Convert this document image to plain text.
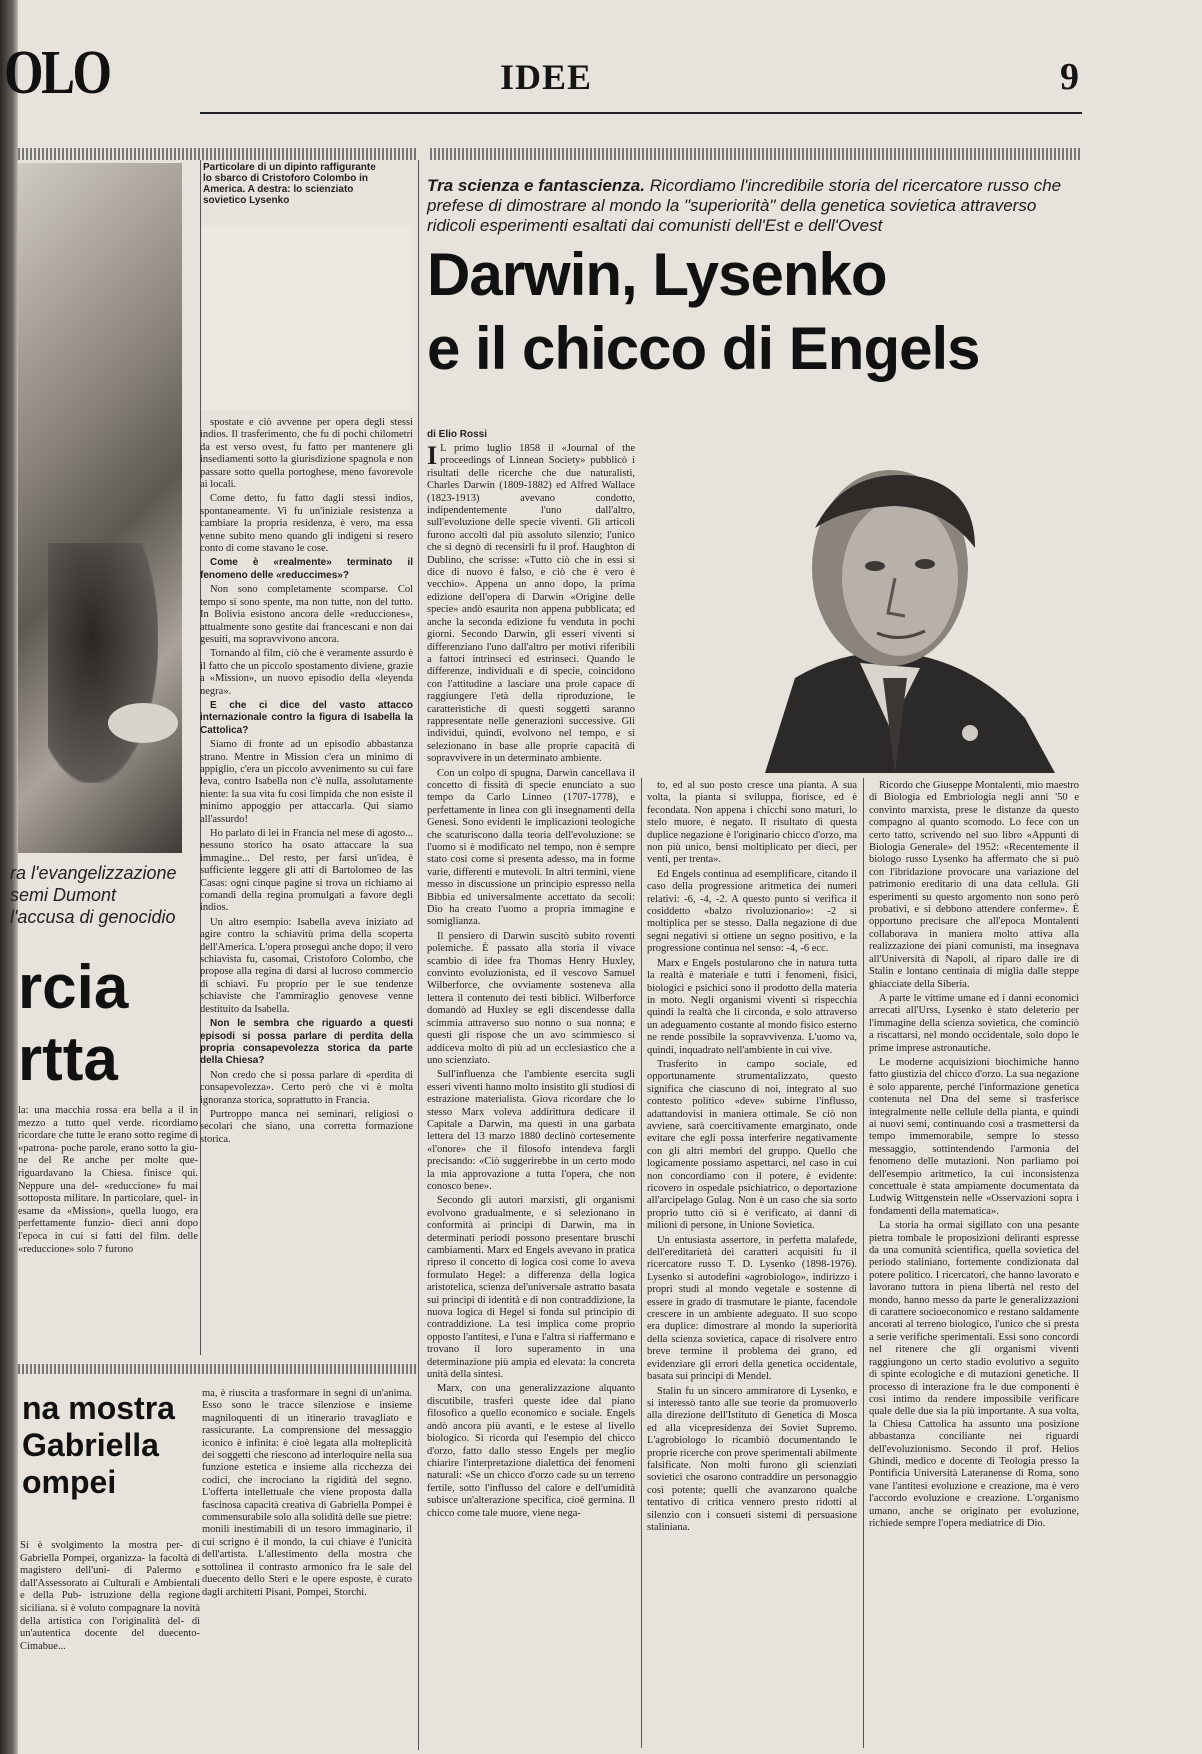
OLO	IDEE	9
Particolare di un dipinto raffigurante lo sbarco di Cristoforo Colombo in America. A destra: lo scienziato sovietico Lysenko
ra l'evangelizzazione
semi Dumont
l'accusa di genocidio
rcia
rtta
la: una macchia rossa era bella a il in mezzo a tutto quel verde. ricordiamo ricordare che tutte le erano sotto regime di «patrona- poche parole, erano sotto la giu- ne del Re anche per molte que- riguardavano la Chiesa. finisce qui. Neppure una del- «reduccione» fu mai sottoposta militare. In particolare, quel- in esame da «Mission», quella luogo, era perfettamente funzio- dieci anni dopo l'epoca in cui si fatti del film. delle «reduccione» solo 7 furono

spostate e ciò avvenne per opera degli stessi indios. Il trasferimento, che fu di pochi chilometri da est verso ovest, fu fatto per mantenere gli insediamenti sotto la giurisdizione spagnola e non passare sotto quella portoghese, meno favorevole ai locali.

Come detto, fu fatto dagli stessi indios, spontaneamente. Vi fu un'iniziale resistenza a cambiare la propria residenza, è vero, ma essa venne subito meno quando gli indigeni si resero conto di come stavano le cose.

Come è «realmente» terminato il fenomeno delle «reduccimes»?

Non sono completamente scomparse. Col tempo si sono spente, ma non tutte, non del tutto. In Bolivia esistono ancora delle «reducciones», attualmente sono gestite dai francescani e non dai gesuiti, ma sopravvivono ancora.

Tornando al film, ciò che è veramente assurdo è il fatto che un piccolo spostamento diviene, grazie a «Mission», un nuovo episodio della «leyenda negra».

E che ci dice del vasto attacco internazionale contro la figura di Isabella la Cattolica?

Siamo di fronte ad un episodio abbastanza strano. Mentre in Mission c'era un minimo di appiglio, c'era un piccolo avvenimento su cui fare leva, contro Isabella non c'è nulla, assolutamente niente: la sua vita fu così limpida che non esiste il minimo appoggio per attaccarla. Qui siamo all'assurdo!

Ho parlato di lei in Francia nel mese di agosto... nessuno storico ha osato attaccare la sua immagine... Del resto, per farsi un'idea, è sufficiente leggere gli atti di Bartolomeo de las Casas: ogni cinque pagine si trova un richiamo ai comandi della regina promulgati a favore degli indios.

Un altro esempio: Isabella aveva iniziato ad agire contro la schiavitù prima della scoperta dell'America. L'opera proseguì anche dopo; il vero schiavista fu, casomai, Cristoforo Colombo, che propose alla regina di darsi al lucroso commercio di schiavi. Fu proprio per le sue tendenze schiaviste che l'ammiraglio genovese venne destituito da Isabella.

Non le sembra che riguardo a questi episodi si possa parlare di perdita della propria consapevolezza storica da parte della Chiesa?

Non credo che si possa parlare di «perdita di consapevolezza». Certo però che vi è molta ignoranza storica, soprattutto in Francia.

Purtroppo manca nei seminari, religiosi o secolari che siano, una corretta formazione storica.

na mostra
Gabriella
ompei
Si è svolgimento la mostra per- di Gabriella Pompei, organizza- la facoltà di magistero dell'uni- di Palermo e dall'Assessorato ai Culturali e Ambientali e della Pub- istruzione della regione siciliana. si è voluto compagnare la novità della artistica con l'originalità del- di un'autentica docente del duecento- Cimabue...

ma, è riuscita a trasformare in segni di un'anima. Esso sono le tracce silenziose e insieme magniloquenti di un itinerario travagliato e rassicurante. La comprensione del messaggio iconico è infinita: è cioè legata alla molteplicità dei soggetti che riescono ad interloquire nella sua funzione estetica e insieme alla ricchezza dei codici, che incrociano la rigidità del segno. L'offerta intellettuale che viene proposta dalla fascinosa capacità creativa di Gabriella Pompei è commensurabile solo alla solidità delle sue pietre: monili inestimabili di un tesoro immaginario, il cui scrigno è il mondo, la cui chiave è l'unicità dell'artista. L'allestimento della mostra che sottolinea il contrasto armonico fra le sale del duecento dello Steri e le opere esposte, è curato dagli architetti Pisani, Pompei, Storchi.

Tra scienza e fantascienza. Ricordiamo l'incredibile storia del ricercatore russo che prefese di dimostrare al mondo la "superiorità" della genetica sovietica attraverso ridicoli esperimenti esaltati dai comunisti dell'Est e dell'Ovest
Darwin, Lysenko
e il chicco di Engels
di Elio Rossi

I L primo luglio 1858 il «Journal of the proceedings of Linnean Society» pubblicò i risultati delle ricerche che due naturalisti, Charles Darwin (1809-1882) ed Alfred Wallace (1823-1913) avevano condotto, indipendentemente l'uno dall'altro, sull'evoluzione delle specie viventi. Gli articoli furono accolti dal più assoluto silenzio; l'unico che si degnò di recensirli fu il prof. Haughton di Dublino, che scrisse: «Tutto ciò che in essi si dice di nuovo è falso, e ciò che è vero è vecchio». Appena un anno dopo, la prima edizione dell'opera di Darwin «Origine delle specie» andò esaurita non appena pubblicata; ed anche la seconda edizione fu venduta in pochi giorni. Secondo Darwin, gli esseri viventi si differenziano l'uno dall'altro per motivi riferibili a fattori intrinseci ed estrinseci. Quando le differenze, individuali e di specie, coincidono con l'attitudine a lasciare una prole capace di raggiungere l'età della riproduzione, le caratteristiche di questi soggetti saranno rappresentate nelle generazioni successive. Gli individui, quindi, evolvono nel tempo, e si selezionano in base alle proprie capacità di sopravvivere in un determinato ambiente.

Con un colpo di spugna, Darwin cancellava il concetto di fissità di specie enunciato a suo tempo da Carlo Linneo (1707-1778), e perfettamente in linea con gli insegnamenti della Genesi. Sono evidenti le implicazioni teologiche che scaturiscono dalla teoria dell'evoluzione: se l'uomo si è modificato nel tempo, non è sempre stato così come si presenta adesso, ma in forme varie, differenti e mutevoli. In altri termini, viene messo in discussione un principio espresso nella Bibbia ed universalmente accettato da secoli: Dio ha creato l'uomo a propria immagine e somiglianza.

Il pensiero di Darwin suscitò subito roventi polemiche. È passato alla storia il vivace scambio di idee fra Thomas Henry Huxley, convinto evoluzionista, ed il vescovo Samuel Wilberforce, che ovviamente sosteneva alla lettera il contenuto dei testi biblici. Wilberforce domandò ad Huxley se egli discendesse dalla scimmia attraverso suo nonno o sua nonna; e questi gli rispose che un avo scimmiesco si addiceva molto di più ad un ecclesiastico che a uno scienziato.

Sull'influenza che l'ambiente esercita sugli esseri viventi hanno molto insistito gli studiosi di estrazione materialista. Giova ricordare che lo stesso Marx voleva addirittura dedicare il Capitale a Darwin, ma questi in una garbata lettera del 13 marzo 1880 declinò cortesemente «l'onore» che il filosofo intendeva fargli precisando: «Ciò suggerirebbe in un certo modo la mia approvazione a tutta l'opera, che non conosco bene».

Secondo gli autori marxisti, gli organismi evolvono gradualmente, e si selezionano in conformità ai principi di Darwin, ma in determinati periodi possono presentare bruschi cambiamenti. Marx ed Engels avevano in pratica ripreso il concetto di logica così come lo aveva formulato Hegel: a differenza della logica aristotelica, scienza del'universale astratto basata sui principi di identità e di non contraddizione, la nuova logica di Hegel si fonda sul principio di contraddizione. La tesi implica come proprio opposto l'antitesi, e l'una e l'altra si riaffermano e trovano il loro superamento in una determinazione più ampia ed elevata: la concreta unità della sintesi.

Marx, con una generalizzazione alquanto discutibile, trasferì queste idee dal piano filosofico a quello economico e sociale. Engels andò ancora più avanti, e le estese al livello biologico. Si ricorda qui l'esempio del chicco d'orzo, fatto dallo stesso Engels per meglio chiarire l'interpretazione dialettica dei fenomeni naturali: «Se un chicco d'orzo cade su un terreno fertile, sotto l'influsso del calore e dell'umidità subisce un'alterazione specifica, cioè germina. Il chicco come tale muore, viene nega-

to, ed al suo posto cresce una pianta. A sua volta, la pianta si sviluppa, fiorisce, ed è fecondata. Non appena i chicchi sono maturi, lo stelo muore, è negato. Il risultato di questa duplice negazione è l'originario chicco d'orzo, ma non più unico, bensì moltiplicato per dieci, per venti, per trenta».

Ed Engels continua ad esemplificare, citando il caso della progressione aritmetica dei numeri relativi: -6, -4, -2. A questo punto si verifica il cosiddetto «balzo rivoluzionario»: -2 si moltiplica per se stesso. Dalla negazione di due segni negativi si ottiene un segno positivo, e la progressione continua nel senso: -4, -6 ecc.

Marx e Engels postularono che in natura tutta la realtà è materiale e tutti i fenomeni, fisici, biologici e psichici sono il prodotto della materia in moto. Negli organismi viventi si rispecchia quindi la realtà che li circonda, e solo attraverso un adeguamento costante al mondo fisico esterno ne rende possibile la sopravvivenza. L'uomo va, quindi, inquadrato nell'ambiente in cui vive.

Trasferito in campo sociale, ed opportunamente strumentalizzato, questo significa che ciascuno di noi, integrato al suo contesto politico «deve» subirne l'influsso, adattandovisi in maniera ottimale. Se ciò non avviene, sarà coercitivamente emarginato, onde evitare che egli possa interferire negativamente con gli altri membri del gruppo. Quello che logicamente possiamo aspettarci, nel caso in cui non concordiamo con il potere, è evidente: ricovero in ospedale psichiatrico, o deportazione all'arcipelago Gulag. Non è un caso che sia sorto proprio tutto ciò si è verificato, ai danni di milioni di persone, in Unione Sovietica.

Un entusiasta assertore, in perfetta malafede, dell'ereditarietà dei caratteri acquisiti fu il ricercatore russo T. D. Lysenko (1898-1976). Lysenko si autodefinì «agrobiologo», indirizzo i propri studi al mondo vegetale e sostenne di essere in grado di trasmutare le piante, facendole crescere in un ambiente adeguato. Il suo scopo era duplice: dimostrare al mondo la superiorità della scienza sovietica, capace di risolvere entro breve termine il problema dei grano, ed evidenziare gli errori della genetica occidentale, basata sui principi di Mendel.

Stalin fu un sincero ammiratore di Lysenko, e si interessò tanto alle sue teorie da promuoverlo alla direzione dell'Istituto di Genetica di Mosca ed alla vicepresidenza dei Soviet Supremo. L'agrobiologo lo ricambiò documentando le proprie ricerche con prove sperimentali abilmente falsificate. Non molti furono gli scienziati sovietici che osarono contraddire un personaggio così potente; quelli che avanzarono qualche tentativo di critica vennero presto ridotti al silenzio con i consueti sistemi di persuasione staliniana.

Ricordo che Giuseppe Montalenti, mio maestro di Biologia ed Embriologia negli anni '50 e convinto marxista, prese le distanze da questo compagno al quanto scomodo. Lo fece con un certo tatto, scrivendo nel suo libro «Appunti di Biologia Generale» del 1952: «Recentemente il biologo russo Lysenko ha affermato che si può con l'ibridazione provocare una variazione del patrimonio ereditario di una data cellula. Gli esperimenti su questo argomento non sono però probativi, e si debbono attendere conferme». È opportuno precisare che all'epoca Montalenti collaborava in maniera molto attiva alla realizzazione dei piani comunisti, ma insegnava all'Università di Napoli, al riparo dalle ire di Stalin e lontano centinaia di miglia dalle steppe ghiacciate della Siberia.

A parte le vittime umane ed i danni economici arrecati all'Urss, Lysenko è stato deleterio per l'immagine della scienza sovietica, che cominciò a riscattarsi, nel mondo occidentale, solo dopo le prime imprese astronautiche.

Le moderne acquisizioni biochimiche hanno fatto giustizia del chicco d'orzo. La sua negazione è solo apparente, perché l'informazione genetica contenuta nel Dna del seme si trasferisce integralmente nelle cellule della pianta, e quindi ai nuovi semi, continuando così a trasmettersi da tempo immemorabile, sempre lo stesso messaggio, sottintendendo l'armonia del fenomeno delle mutazioni. Non parliamo poi dell'esempio aritmetico, la cui inconsistenza concettuale è stata ampiamente documentata da Ludwig Wittgenstein nelle «Osservazioni sopra i fondamenti della matematica».

La storia ha ormai sigillato con una pesante pietra tombale le proposizioni deliranti espresse da una comunità scientifica, quella sovietica del periodo staliniano, fortemente condizionata dal potere politico. I ricercatori, che hanno lavorato e lavorano tuttora in piena libertà nel resto del mondo, hanno messo da parte le generalizzazioni di carattere socioeconomico e restano saldamente ancorati al terreno biologico, l'unico che si presta a serie verifiche sperimentali. Essi sono concordi nel ritenere che gli organismi viventi raggiungono un certo stadio evolutivo a seguito di spinte ecologiche e di mutazioni genetiche. Il processo di interazione fra le due componenti è così intimo da rendere impossibile verificare quale delle due sia la più importante. A sua volta, la Chiesa Cattolica ha assunto una posizione abbastanza conciliante nei riguardi dell'evoluzionismo. Secondo il prof. Helios Ghindi, medico e docente di Teologia presso la Pontificia Università Lateranense di Roma, sono vane l'antitesi evoluzione e creazione, ma è vero l'accordo evoluzione e creazione. L'organismo umano, anche se originato per evoluzione, richiede sempre l'opera mediatrice di Dio.
